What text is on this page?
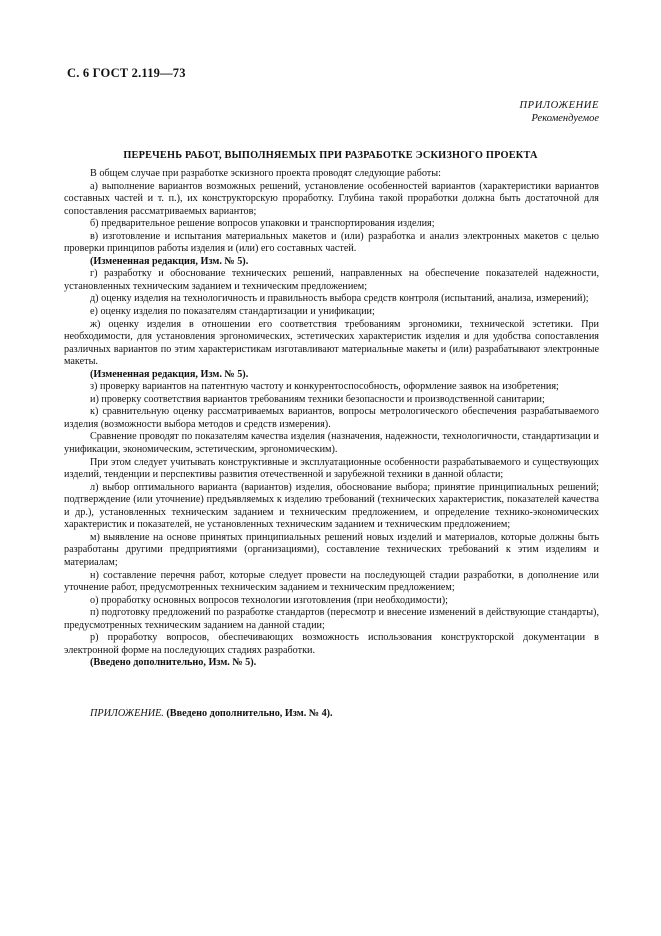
С. 6 ГОСТ 2.119—73
ПРИЛОЖЕНИЕ
Рекомендуемое
ПЕРЕЧЕНЬ РАБОТ, ВЫПОЛНЯЕМЫХ ПРИ РАЗРАБОТКЕ ЭСКИЗНОГО ПРОЕКТА

В общем случае при разработке эскизного проекта проводят следующие работы:

а) выполнение вариантов возможных решений, установление особенностей вариантов (характеристики вариантов составных частей и т. п.), их конструкторскую проработку. Глубина такой проработки должна быть достаточной для сопоставления рассматриваемых вариантов;

б) предварительное решение вопросов упаковки и транспортирования изделия;

в) изготовление и испытания материальных макетов и (или) разработка и анализ электронных макетов с целью проверки принципов работы изделия и (или) его составных частей.

(Измененная редакция, Изм. № 5).

г) разработку и обоснование технических решений, направленных на обеспечение показателей надежности, установленных техническим заданием и техническим предложением;

д) оценку изделия на технологичность и правильность выбора средств контроля (испытаний, анализа, измерений);

е) оценку изделия по показателям стандартизации и унификации;

ж) оценку изделия в отношении его соответствия требованиям эргономики, технической эстетики. При необходимости, для установления эргономических, эстетических характеристик изделия и для удобства сопоставления различных вариантов по этим характеристикам изготавливают материальные макеты и (или) разрабатывают электронные макеты.

(Измененная редакция, Изм. № 5).

з) проверку вариантов на патентную частоту и конкурентоспособность, оформление заявок на изобретения;

и) проверку соответствия вариантов требованиям техники безопасности и производственной санитарии;

к) сравнительную оценку рассматриваемых вариантов, вопросы метрологического обеспечения разрабатываемого изделия (возможности выбора методов и средств измерения).

Сравнение проводят по показателям качества изделия (назначения, надежности, технологичности, стандартизации и унификации, экономическим, эстетическим, эргономическим).

При этом следует учитывать конструктивные и эксплуатационные особенности разрабатываемого и существующих изделий, тенденции и перспективы развития отечественной и зарубежной техники в данной области;

л) выбор оптимального варианта (вариантов) изделия, обоснование выбора; принятие принципиальных решений; подтверждение (или уточнение) предъявляемых к изделию требований (технических характеристик, показателей качества и др.), установленных техническим заданием и техническим предложением, и определение технико-экономических характеристик и показателей, не установленных техническим заданием и техническим предложением;

м) выявление на основе принятых принципиальных решений новых изделий и материалов, которые должны быть разработаны другими предприятиями (организациями), составление технических требований к этим изделиям и материалам;

н) составление перечня работ, которые следует провести на последующей стадии разработки, в дополнение или уточнение работ, предусмотренных техническим заданием и техническим предложением;

о) проработку основных вопросов технологии изготовления (при необходимости);

п) подготовку предложений по разработке стандартов (пересмотр и внесение изменений в действующие стандарты), предусмотренных техническим заданием на данной стадии;

р) проработку вопросов, обеспечивающих возможность использования конструкторской документации в электронной форме на последующих стадиях разработки.

(Введено дополнительно, Изм. № 5).

ПРИЛОЖЕНИЕ. (Введено дополнительно, Изм. № 4).
